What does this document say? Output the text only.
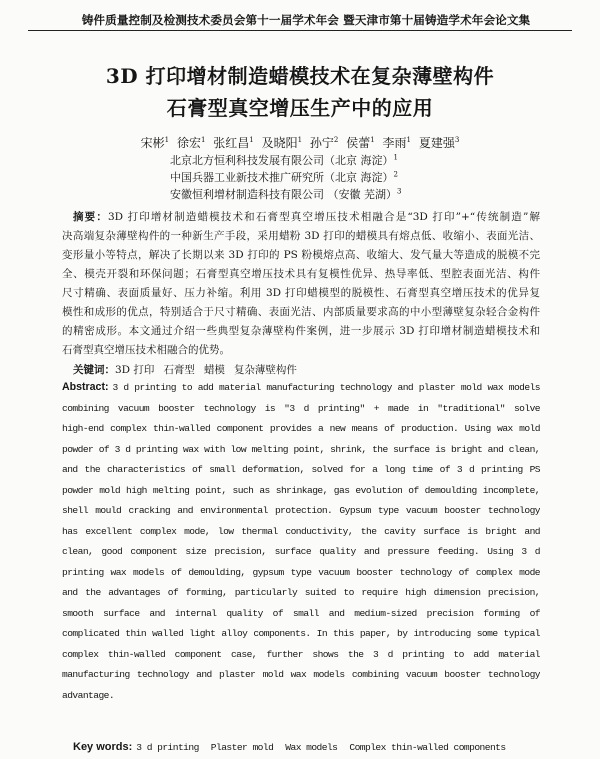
铸件质量控制及检测技术委员会第十一届学术年会 暨天津市第十届铸造学术年会论文集
3D 打印增材制造蜡模技术在复杂薄壁构件
石膏型真空增压生产中的应用
宋彬$^1$ 徐宏$^1$ 张红昌$^1$ 及晓阳$^1$ 孙宁$^2$ 侯蕾$^1$ 李雨$^1$ 夏建强$^3$
北京北方恒利科技发展有限公司（北京 海淀）$^1$
中国兵器工业新技术推广研究所（北京 海淀）$^2$
安徽恒利增材制造科技有限公司 （安徽 芜湖）$^3$
摘要：3D 打印增材制造蜡模技术和石膏型真空增压技术相融合是“3D 打印”+“传统制造”解
决高端复杂薄壁构件的一种新生产手段，采用蜡粉 3D 打印的蜡模具有熔点低、收缩小、表面光洁、
变形量小等特点，解决了长期以来 3D 打印的 PS 粉模熔点高、收缩大、发气量大等造成的脱模不完
全、模壳开裂和环保问题；石膏型真空增压技术具有复模性优异、热导率低、型腔表面光洁、构件
尺寸精确、表面质量好、压力补缩。利用 3D 打印蜡模型的脱模性、石膏型真空增压技术的优异复
模性和成形的优点，特别适合于尺寸精确、表面光洁、内部质量要求高的中小型薄壁复杂轻合金构件
的精密成形。本文通过介绍一些典型复杂薄壁构件案例，进一步展示 3D 打印增材制造蜡模技术和
石膏型真空增压技术相融合的优势。
关键词：3D 打印 石膏型 蜡模 复杂薄壁构件
Abstract: 3 d printing to add material manufacturing technology and plaster mold wax models
combining vacuum booster technology is "3 d printing" + made in "traditional" solve
high-end complex thin-walled component provides a new means of production. Using wax mold
powder of 3 d printing wax with low melting point, shrink, the surface is bright and clean,
and the characteristics of small deformation, solved for a long time of 3 d printing PS
powder mold high melting point, such as shrinkage, gas evolution of demoulding incomplete,
shell mould cracking and environmental protection. Gypsum type vacuum booster technology
has excellent complex mode, low thermal conductivity, the cavity surface is bright and
clean, good component size precision, surface quality and pressure feeding. Using 3 d
printing wax models of demoulding, gypsum type vacuum booster technology of complex mode
and the advantages of forming, particularly suited to require high dimension precision,
smooth surface and internal quality of small and medium-sized precision forming of
complicated thin walled light alloy components. In this paper, by introducing some typical
complex thin-walled component case, further shows the 3 d printing to add material
manufacturing technology and plaster mold wax models combining vacuum booster technology
advantage.
Key words: 3 d printing Plaster mold Wax models Complex thin-walled components
